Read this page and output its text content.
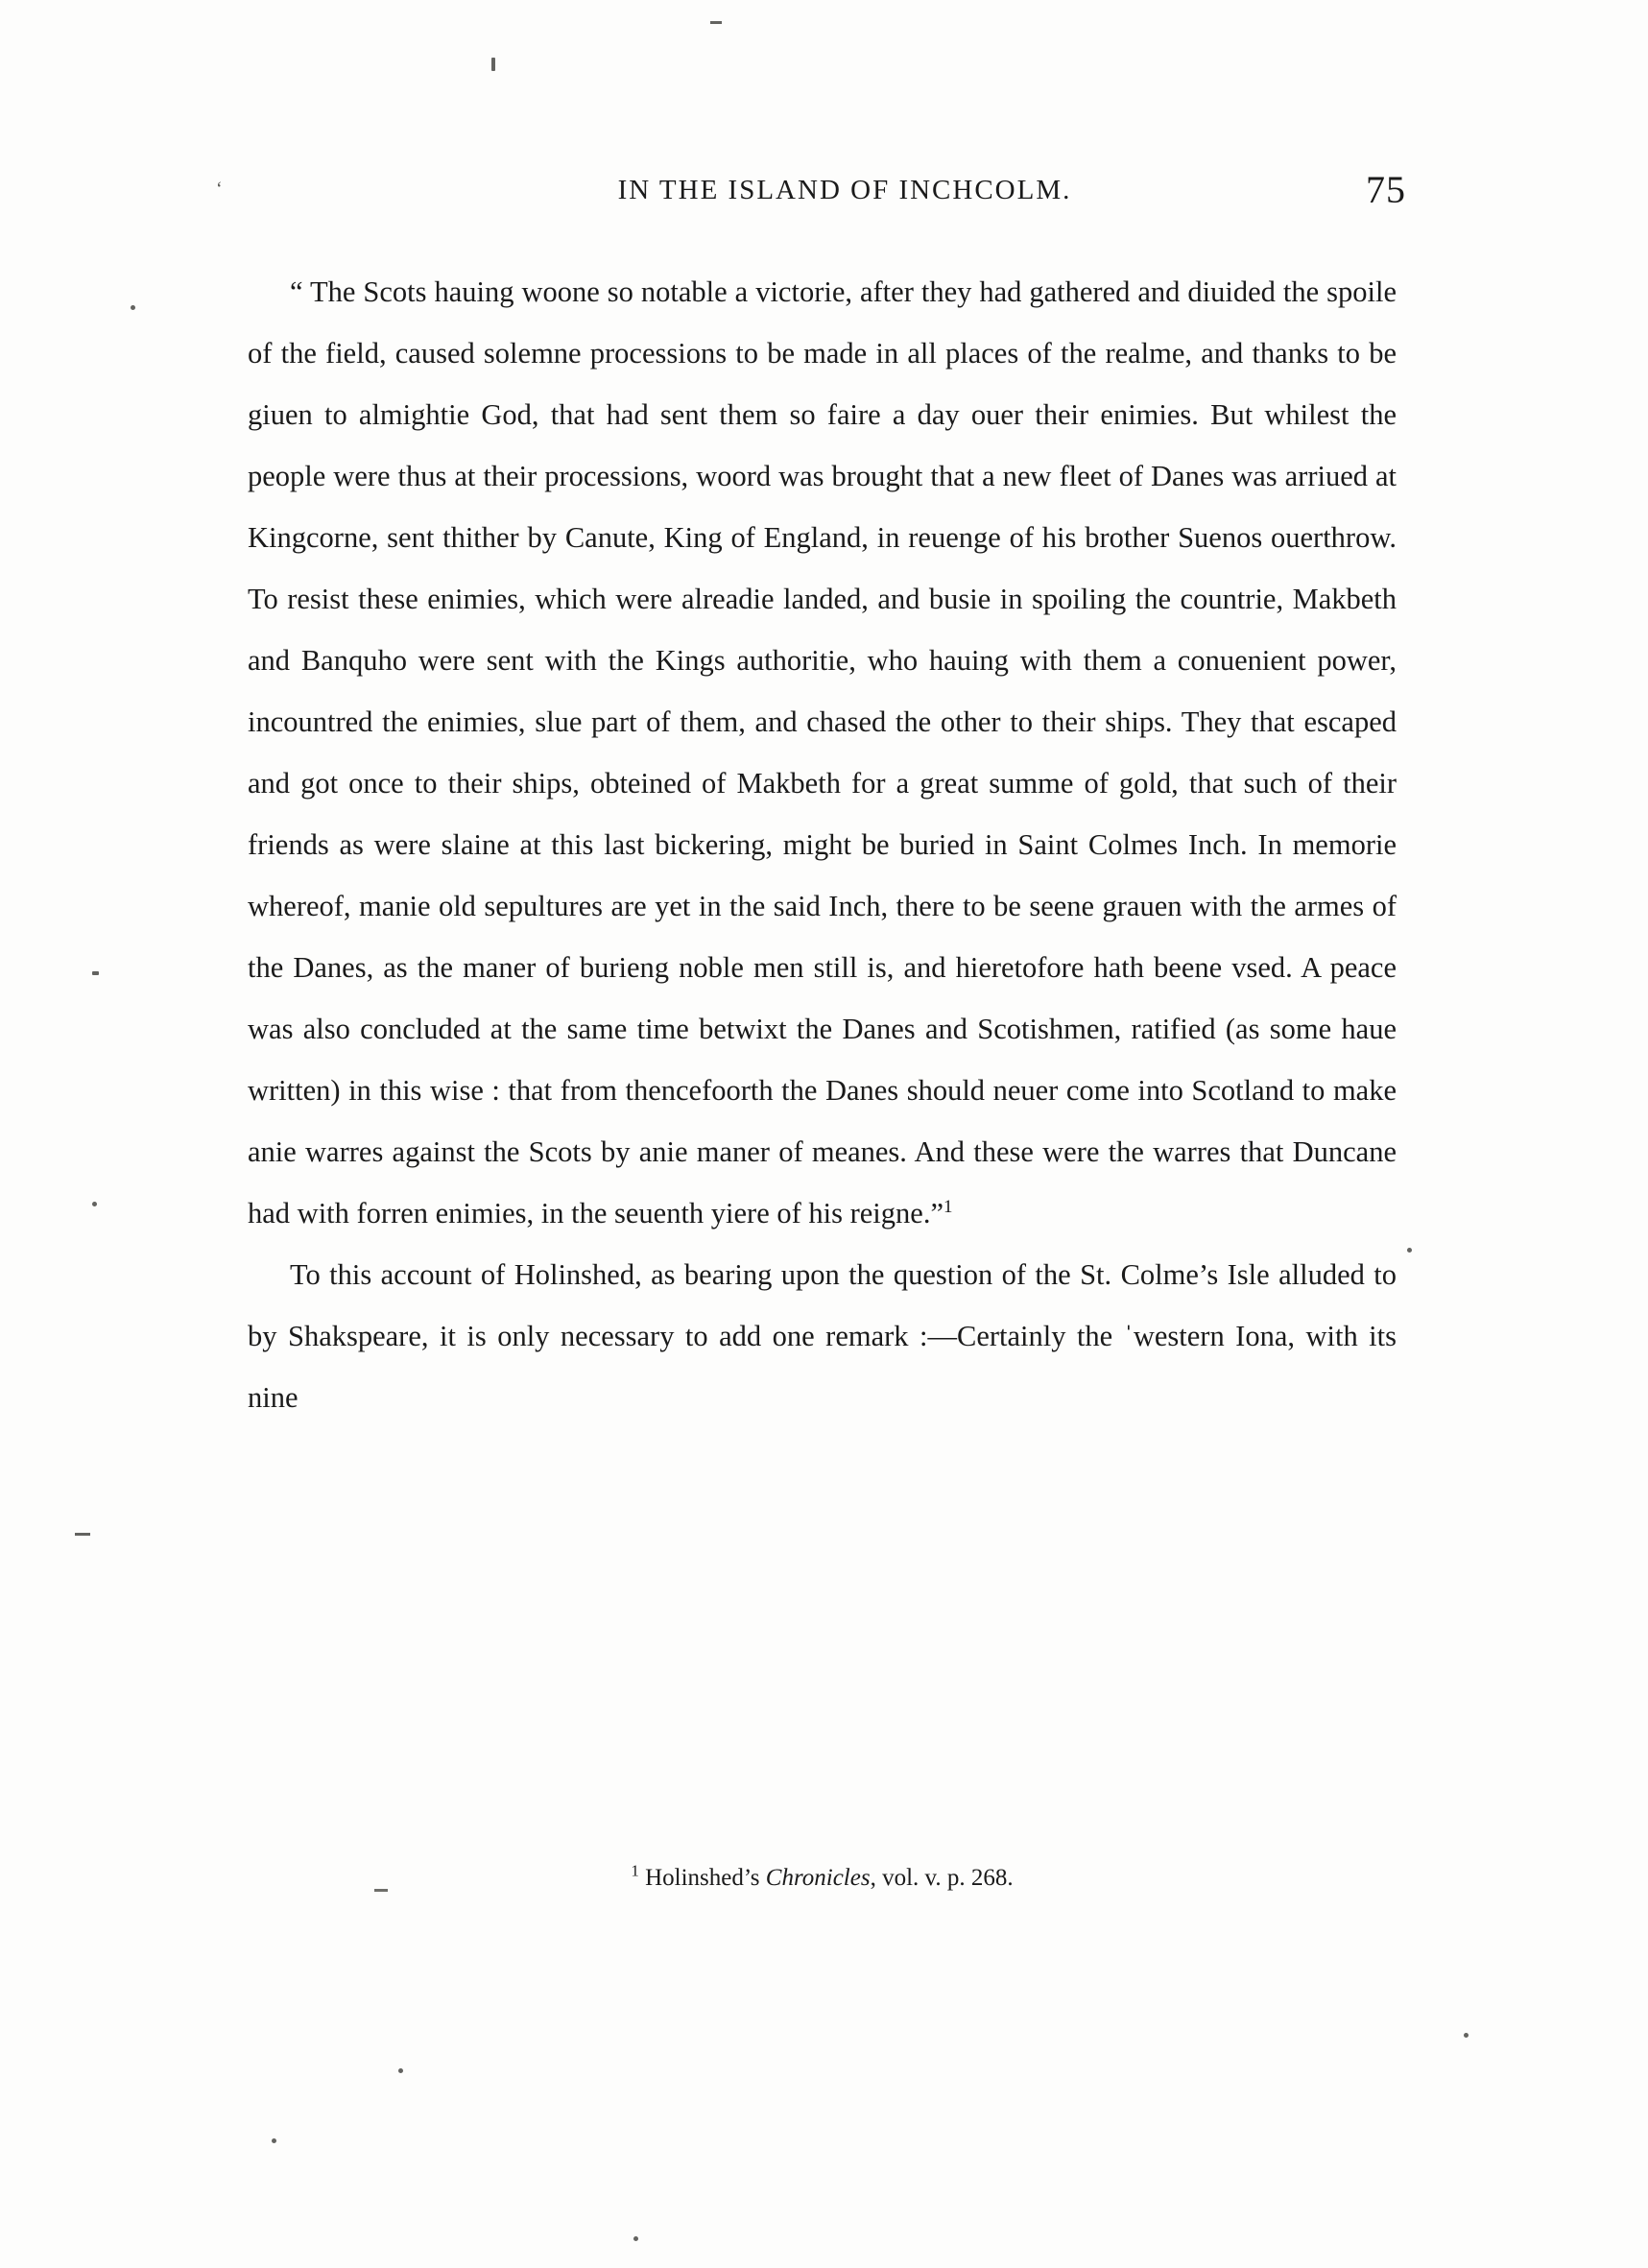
‘	IN THE ISLAND OF INCHCOLM.	75

“ The Scots hauing woone so notable a victorie, after they had gathered and diuided the spoile of the field, caused solemne processions to be made in all places of the realme, and thanks to be giuen to almightie God, that had sent them so faire a day ouer their enimies. But whilest the people were thus at their processions, woord was brought that a new fleet of Danes was arriued at Kingcorne, sent thither by Canute, King of England, in reuenge of his brother Suenos ouerthrow. To resist these enimies, which were alreadie landed, and busie in spoiling the countrie, Makbeth and Banquho were sent with the Kings authoritie, who hauing with them a conuenient power, incountred the enimies, slue part of them, and chased the other to their ships. They that escaped and got once to their ships, obteined of Makbeth for a great summe of gold, that such of their friends as were slaine at this last bickering, might be buried in Saint Colmes Inch. In memorie whereof, manie old sepultures are yet in the said Inch, there to be seene grauen with the armes of the Danes, as the maner of burieng noble men still is, and hieretofore hath beene vsed. A peace was also concluded at the same time betwixt the Danes and Scotishmen, ratified (as some haue written) in this wise : that from thencefoorth the Danes should neuer come into Scotland to make anie warres against the Scots by anie maner of meanes. And these were the warres that Duncane had with forren enimies, in the seuenth yiere of his reigne.”$^1$

To this account of Holinshed, as bearing upon the question of the St. Colme’s Isle alluded to by Shakspeare, it is only necessary to add one remark :—Certainly the ˈwestern Iona, with its nine

$^1$ Holinshed’s Chronicles, vol. v. p. 268.
